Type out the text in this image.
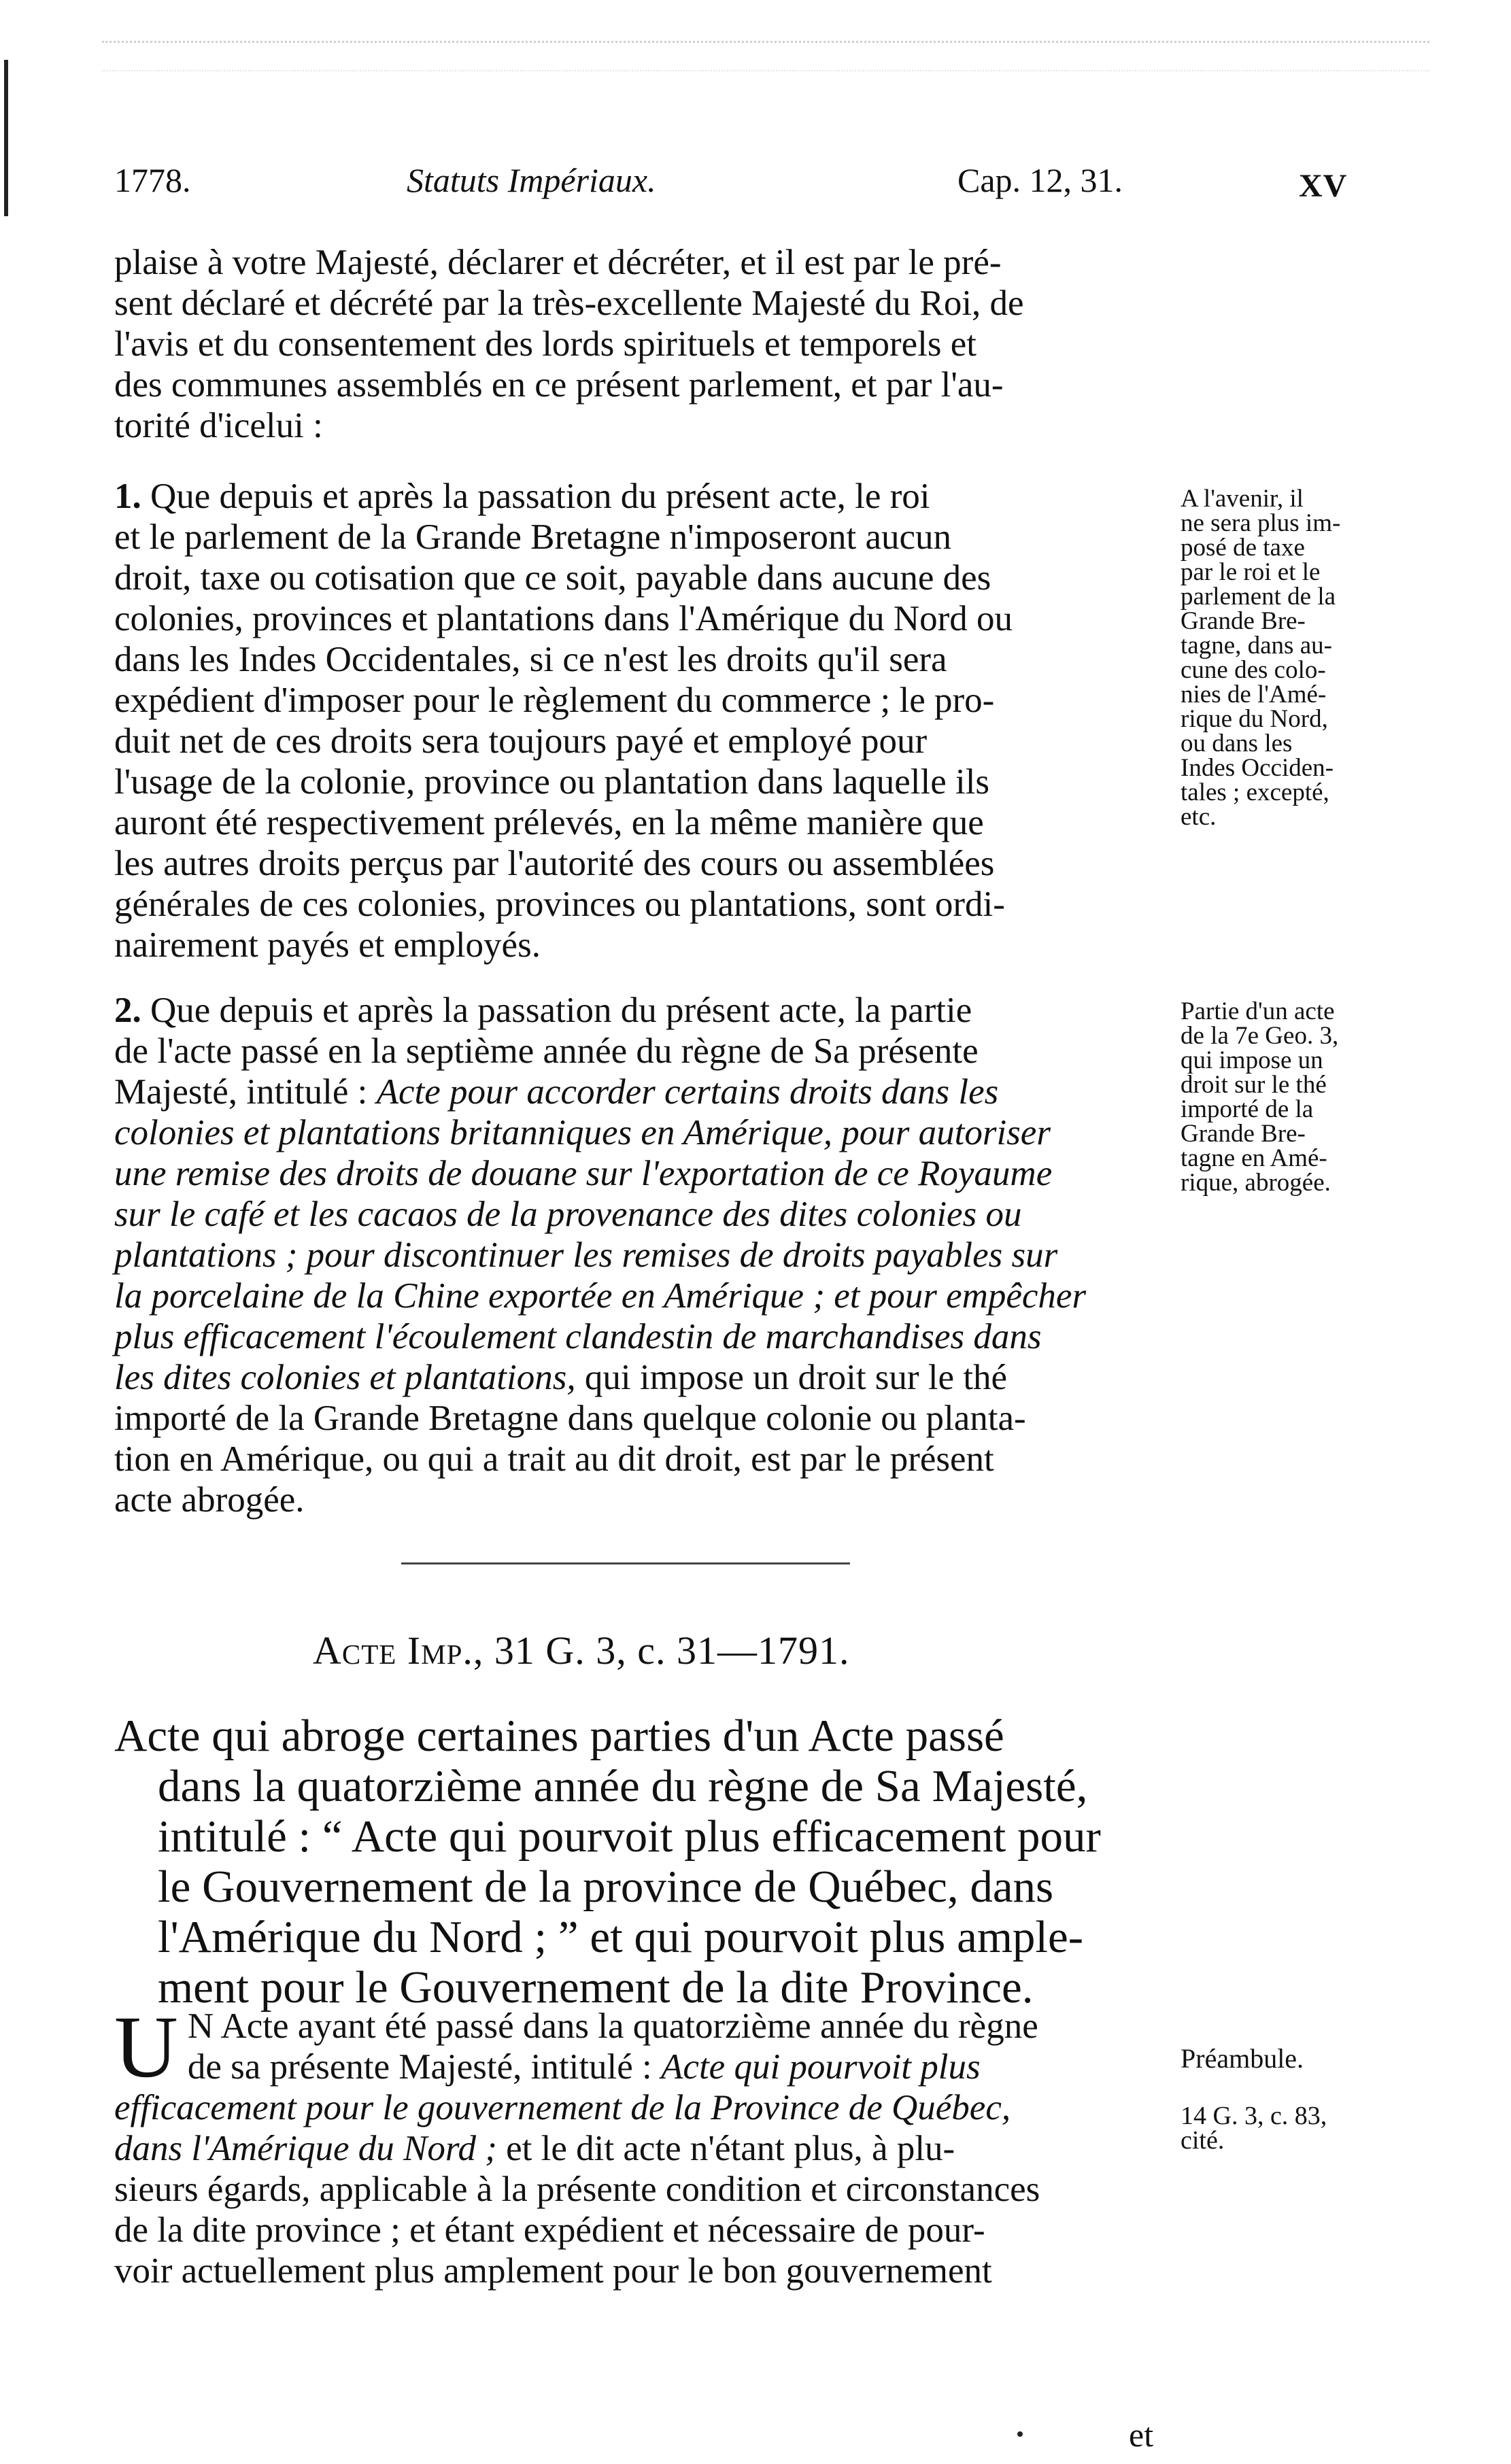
1778.	Statuts Impériaux.	Cap. 12, 31.	XV
plaise à votre Majesté, déclarer et décréter, et il est par le pré-
sent déclaré et décrété par la très-excellente Majesté du Roi, de
l'avis et du consentement des lords spirituels et temporels et
des communes assemblés en ce présent parlement, et par l'au-
torité d'icelui :
1. Que depuis et après la passation du présent acte, le roi
et le parlement de la Grande Bretagne n'imposeront aucun
droit, taxe ou cotisation que ce soit, payable dans aucune des
colonies, provinces et plantations dans l'Amérique du Nord ou
dans les Indes Occidentales, si ce n'est les droits qu'il sera
expédient d'imposer pour le règlement du commerce ; le pro-
duit net de ces droits sera toujours payé et employé pour
l'usage de la colonie, province ou plantation dans laquelle ils
auront été respectivement prélevés, en la même manière que
les autres droits perçus par l'autorité des cours ou assemblées
générales de ces colonies, provinces ou plantations, sont ordi-
nairement payés et employés.
A l'avenir, il
ne sera plus im-
posé de taxe
par le roi et le
parlement de la
Grande Bre-
tagne, dans au-
cune des colo-
nies de l'Amé-
rique du Nord,
ou dans les
Indes Occiden-
tales ; excepté,
etc.
2. Que depuis et après la passation du présent acte, la partie
de l'acte passé en la septième année du règne de Sa présente
Majesté, intitulé : Acte pour accorder certains droits dans les
colonies et plantations britanniques en Amérique, pour autoriser
une remise des droits de douane sur l'exportation de ce Royaume
sur le café et les cacaos de la provenance des dites colonies ou
plantations ; pour discontinuer les remises de droits payables sur
la porcelaine de la Chine exportée en Amérique ; et pour empêcher
plus efficacement l'écoulement clandestin de marchandises dans
les dites colonies et plantations, qui impose un droit sur le thé
importé de la Grande Bretagne dans quelque colonie ou planta-
tion en Amérique, ou qui a trait au dit droit, est par le présent
acte abrogée.
Partie d'un acte
de la 7e Geo. 3,
qui impose un
droit sur le thé
importé de la
Grande Bre-
tagne en Amé-
rique, abrogée.
Acte Imp., 31 G. 3, c. 31—1791.
Acte qui abroge certaines parties d'un Acte passé
dans la quatorzième année du règne de Sa Majesté,
intitulé : “ Acte qui pourvoit plus efficacement pour
le Gouvernement de la province de Québec, dans
l'Amérique du Nord ; ” et qui pourvoit plus ample-
ment pour le Gouvernement de la dite Province.
U N Acte ayant été passé dans la quatorzième année du règne
de sa présente Majesté, intitulé : Acte qui pourvoit plus
efficacement pour le gouvernement de la Province de Québec,
dans l'Amérique du Nord ; et le dit acte n'étant plus, à plu-
sieurs égards, applicable à la présente condition et circonstances
de la dite province ; et étant expédient et nécessaire de pour-
voir actuellement plus amplement pour le bon gouvernement
Préambule.
14 G. 3, c. 83,
cité.
et
